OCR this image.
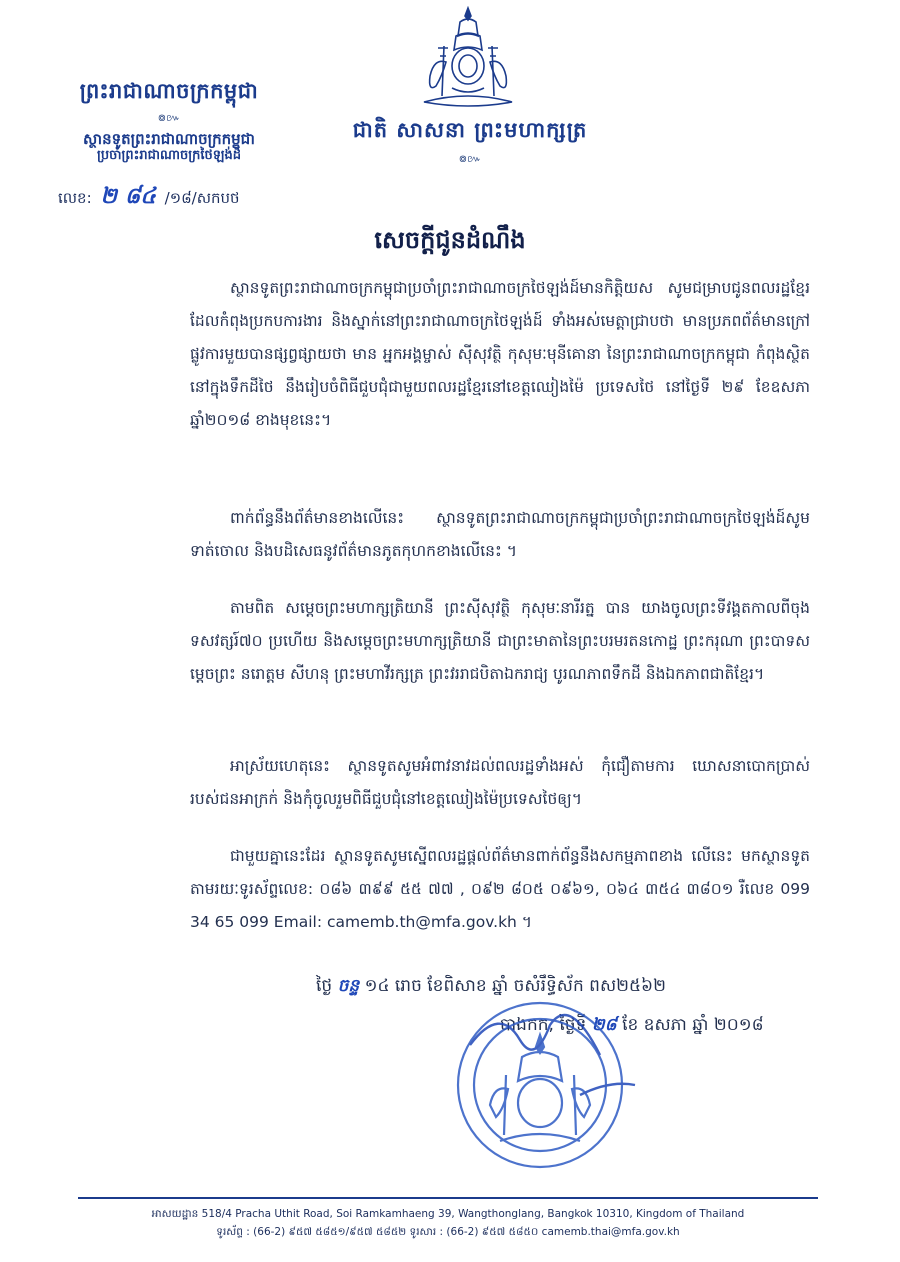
ព្រះរាជាណាចក្រកម្ពុជា
៙៚
ស្ថានទូតព្រះរាជាណាចក្រកម្ពុជា
ប្រចាំព្រះរាជាណាចក្រថៃឡង់ដ៍
លេខ: ២ ៨៤ /១៨/សកបថ
ជាតិ សាសនា ព្រះមហាក្សត្រ
៙៚
សេចក្ដីជូនដំណឹង
ស្ថានទូតព្រះរាជាណាចក្រកម្ពុជាប្រចាំព្រះរាជាណាចក្រថៃឡង់ដ៍មានកិត្តិយស សូមជម្រាបជូនពលរដ្ឋខ្មែរដែលកំពុងប្រកបការងារ និងស្នាក់នៅព្រះរាជាណាចក្រថៃឡង់ដ៍ ទាំងអស់មេត្តាជ្រាបថា មានប្រភពព័ត៌មានក្រៅផ្លូវការមួយបានផ្សព្វផ្សាយថា មាន អ្នកអង្គម្ចាស់ ស៊ីសុវត្ថិ កុសុមៈមុនីគោនា នៃព្រះរាជាណាចក្រកម្ពុជា កំពុងស្ថិតនៅក្នុងទឹកដីថៃ នឹងរៀបចំពិធីជួបជុំជាមួយពលរដ្ឋខ្មែរនៅខេត្តឈៀងម៉ៃ ប្រទេសថៃ នៅថ្ងៃទី ២៩ ខែឧសភា ឆ្នាំ២០១៨ ខាងមុខនេះ។
ពាក់ព័ន្ធនឹងព័ត៌មានខាងលើនេះ ស្ថានទូតព្រះរាជាណាចក្រកម្ពុជាប្រចាំព្រះរាជាណាចក្រថៃឡង់ដ៍សូមទាត់ចោល និងបដិសេធនូវព័ត៌មានភូតកុហកខាងលើនេះ ។
តាមពិត សម្តេចព្រះមហាក្សត្រិយានី ព្រះស៊ីសុវត្ថិ កុសុមៈនារីរត្ន បាន យាងចូលព្រះទីវង្គតកាលពីចុងទសវត្សរ៍៧០ ប្រហើយ និងសម្តេចព្រះមហាក្សត្រិយានី ជាព្រះមាតានៃព្រះបរមរតនកោដ្ឋ ព្រះករុណា ព្រះបាទសម្តេចព្រះ នរោត្តម សីហនុ ព្រះមហាវីរក្សត្រ ព្រះវររាជបិតាឯករាជ្យ បូរណភាពទឹកដី និងឯកភាពជាតិខ្មែរ។
អាស្រ័យហេតុនេះ ស្ថានទូតសូមអំពាវនាវដល់ពលរដ្ឋទាំងអស់ កុំជឿតាមការ ឃោសនាបោកប្រាស់របស់ជនអាក្រក់ និងកុំចូលរួមពិធីជួបជុំនៅខេត្តឈៀងម៉ៃប្រទេសថៃឲ្យ។
ជាមួយគ្នានេះដែរ ស្ថានទូតសូមស្នើពលរដ្ឋផ្តល់ព័ត៌មានពាក់ព័ន្ធនឹងសកម្មភាពខាង លើនេះ មកស្ថានទូត តាមរយៈទូរស័ព្ទលេខ: ០៨៦ ៣៩៩ ៥៥ ៧៧ , ០៩២ ៨០៥ ០៩៦១, ០៦៤ ៣៥៤ ៣៨០១ រឺលេខ 099 34 65 099 Email: camemb.th@mfa.gov.kh ។
ថ្ងៃ ចន្ទ ១៤ រោច ខែពិសាខ ឆ្នាំ ចសំរឹទ្ធិស័ក ពស២៥៦២
បាងកក, ថ្ងៃទី ២៨ ខែ ឧសភា ឆ្នាំ ២០១៨
អាសយដ្ឋាន 518/4 Pracha Uthit Road, Soi Ramkamhaeng 39, Wangthonglang, Bangkok 10310, Kingdom of Thailand
ទូរស័ព្ទ : (66-2) ៩៥៧ ៥៨៥១/៩៥៧ ៥៨៥២ ទូរសារ : (66-2) ៩៥៧ ៥៨៥០ camemb.thai@mfa.gov.kh
